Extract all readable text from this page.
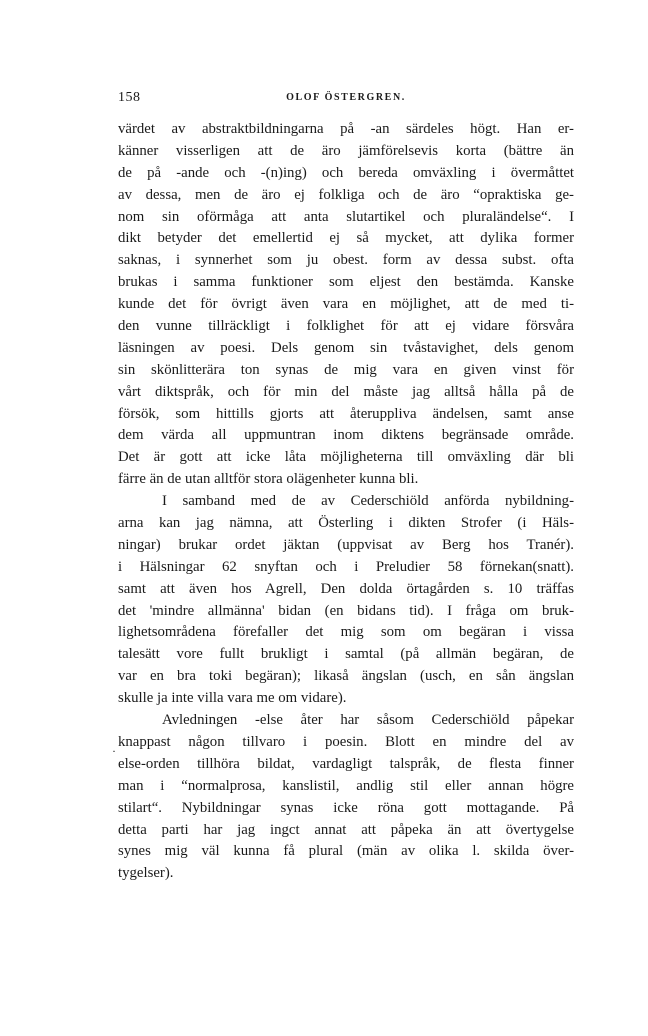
158	OLOF ÖSTERGREN.
·
värdet av abstraktbildningarna på -an särdeles högt. Han er-
känner visserligen att de äro jämförelsevis korta (bättre än
de på -ande och -(n)ing) och bereda omväxling i övermåttet
av dessa, men de äro ej folkliga och de äro “opraktiska ge-
nom sin oförmåga att anta slutartikel och pluraländelse“. I
dikt betyder det emellertid ej så mycket, att dylika former
saknas, i synnerhet som ju obest. form av dessa subst. ofta
brukas i samma funktioner som eljest den bestämda. Kanske
kunde det för övrigt även vara en möjlighet, att de med ti-
den vunne tillräckligt i folklighet för att ej vidare försvåra
läsningen av poesi. Dels genom sin tvåstavighet, dels genom
sin skönlitterära ton synas de mig vara en given vinst för
vårt diktspråk, och för min del måste jag alltså hålla på de
försök, som hittills gjorts att återuppliva ändelsen, samt anse
dem värda all uppmuntran inom diktens begränsade område.
Det är gott att icke låta möjligheterna till omväxling där bli
färre än de utan alltför stora olägenheter kunna bli.
I samband med de av Cederschiöld anförda nybildning-
arna kan jag nämna, att Österling i dikten Strofer (i Häls-
ningar) brukar ordet jäktan (uppvisat av Berg hos Tranér).
i Hälsningar 62 snyftan och i Preludier 58 förnekan(snatt).
samt att även hos Agrell, Den dolda örtagården s. 10 träffas
det 'mindre allmänna' bidan (en bidans tid). I fråga om bruk-
lighetsområdena förefaller det mig som om begäran i vissa
talesätt vore fullt brukligt i samtal (på allmän begäran, de
var en bra toki begäran); likaså ängslan (usch, en sån ängslan
skulle ja inte villa vara me om vidare).
Avledningen -else åter har såsom Cederschiöld påpekar
knappast någon tillvaro i poesin. Blott en mindre del av
else-orden tillhöra bildat, vardagligt talspråk, de flesta finner
man i “normalprosa, kanslistil, andlig stil eller annan högre
stilart“. Nybildningar synas icke röna gott mottagande. På
detta parti har jag ingct annat att påpeka än att övertygelse
synes mig väl kunna få plural (män av olika l. skilda över-
tygelser).
